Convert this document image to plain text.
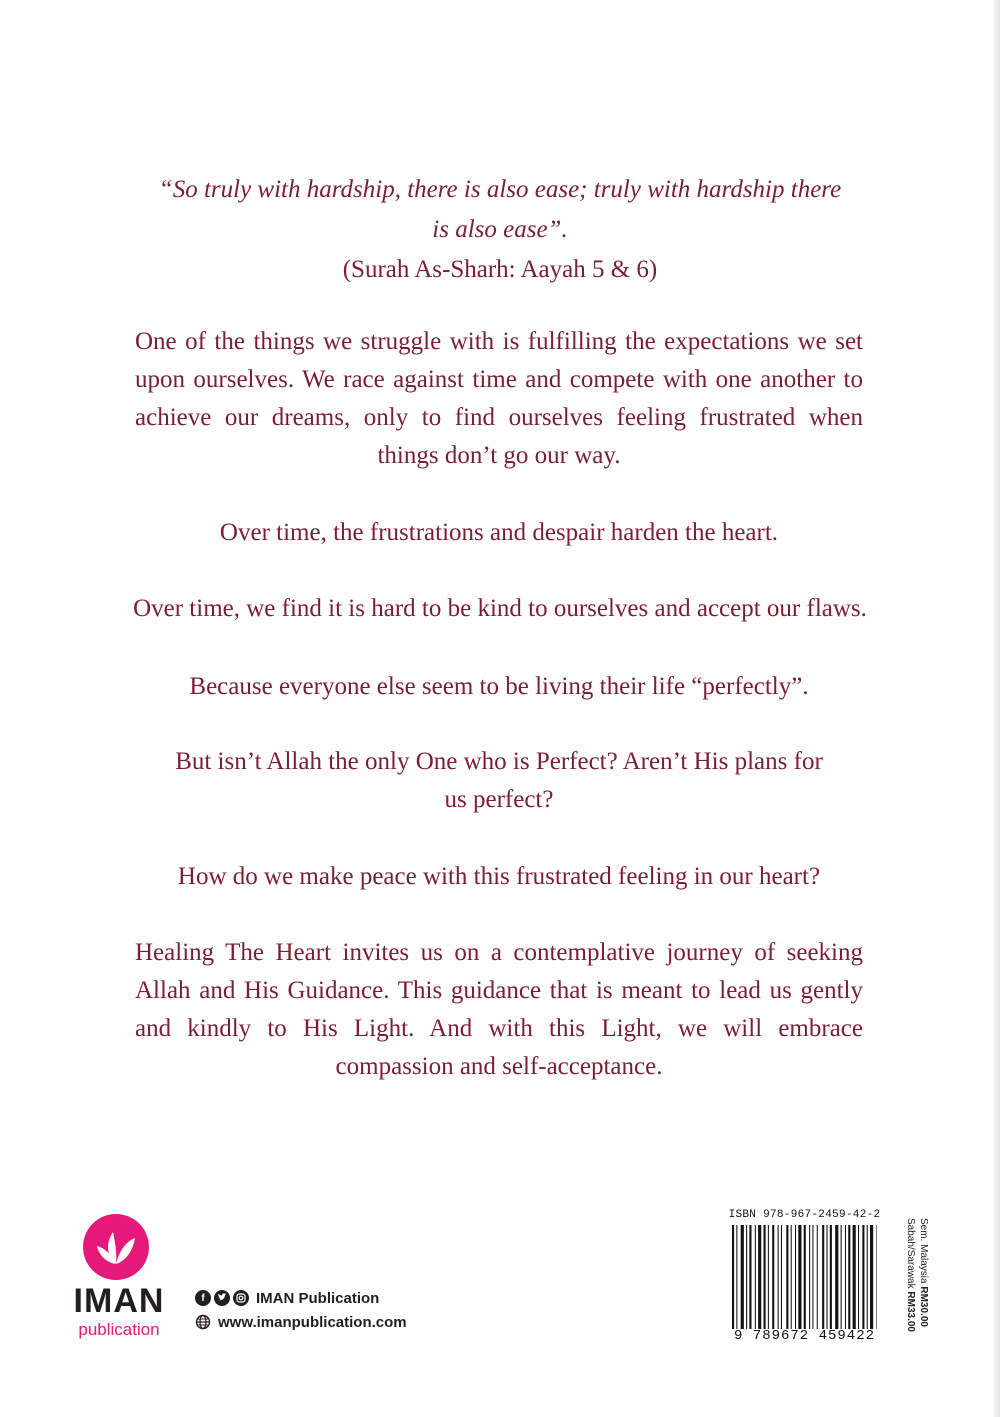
“So truly with hardship, there is also ease; truly with hardship there is also ease”.

(Surah As-Sharh: Aayah 5 & 6)

One of the things we struggle with is fulfilling the expectations we set upon ourselves. We race against time and compete with one another to achieve our dreams, only to find ourselves feeling frustrated when things don’t go our way.

Over time, the frustrations and despair harden the heart.

Over time, we find it is hard to be kind to ourselves and accept our flaws.

Because everyone else seem to be living their life “perfectly”.

But isn’t Allah the only One who is Perfect? Aren’t His plans for us perfect?

How do we make peace with this frustrated feeling in our heart?

Healing The Heart invites us on a contemplative journey of seeking Allah and His Guidance. This guidance that is meant to lead us gently and kindly to His Light. And with this Light, we will embrace compassion and self-acceptance.

IMAN
publication
f	IMAN Publication
www.imanpublication.com
ISBN 978-967-2459-42-2
9 789672 459422
Sem. Malaysia RM30.00
Sabah/Sarawak RM33.00
